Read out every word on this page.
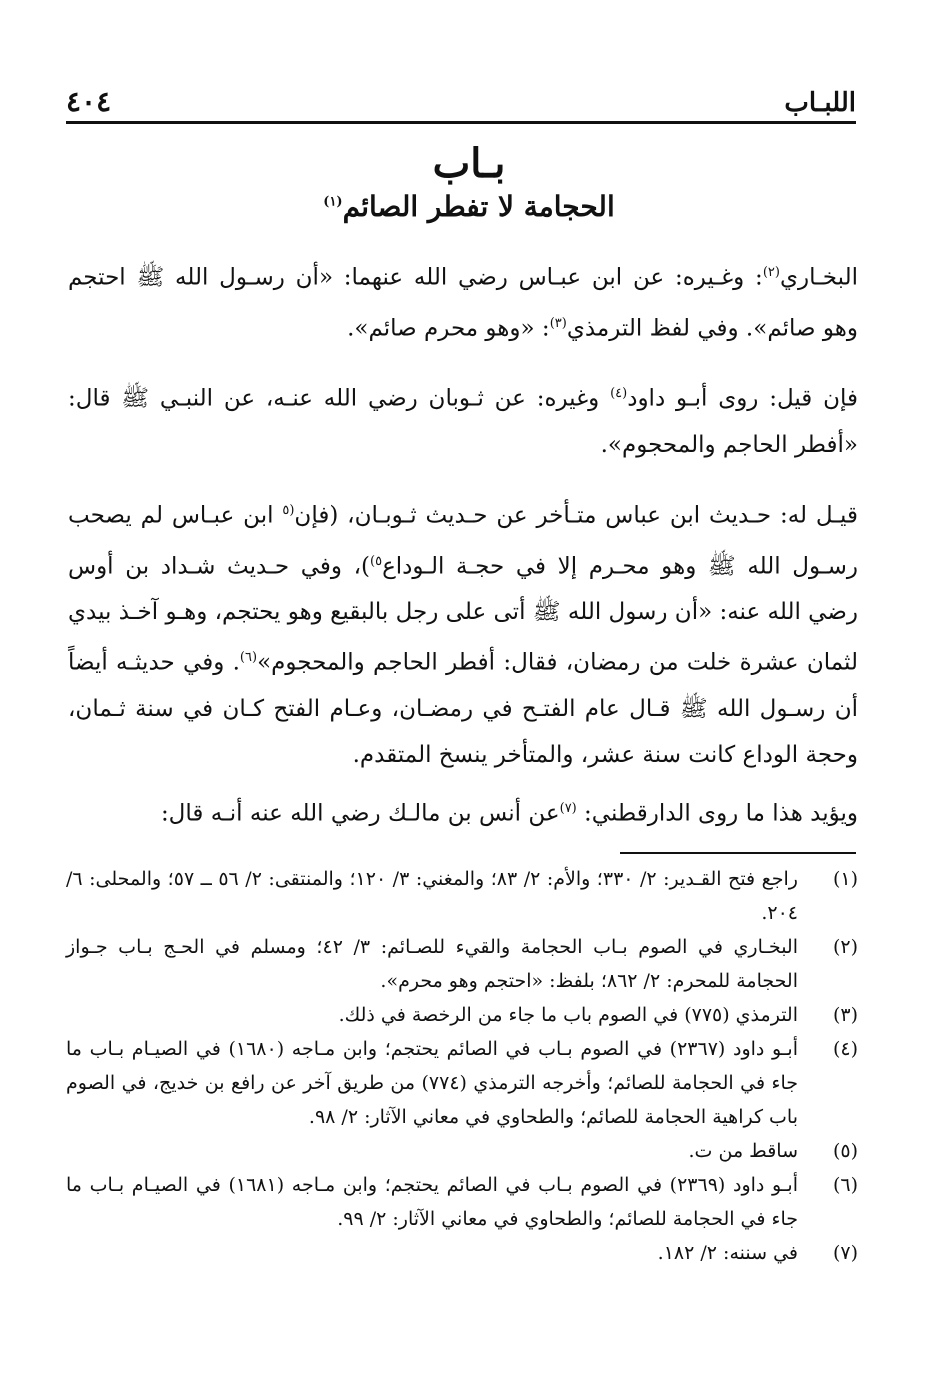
٤٠٤	اللبـاب
بـاب
الحجامة لا تفطر الصائم$^{(١)}$

البخـاري$^{(٢)}$: وغـيره: عن ابن عبـاس رضي الله عنهما: «أن رسـول الله ﷺ احتجم وهو صائم». وفي لفظ الترمذي$^{(٣)}$: «وهو محرم صائم».

فإن قيل: روى أبـو داود$^{(٤)}$ وغيره: عن ثـوبان رضي الله عنـه، عن النبـي ﷺ قال: «أفطر الحاجم والمحجوم».

قيـل له: حـديث ابن عباس متـأخر عن حـديث ثـوبـان، (فإن$^{(٥}$ ابن عبـاس لم يصحب رسـول الله ﷺ وهو محـرم إلا في حجـة الـوداع$^{٥)}$)، وفي حـديث شـداد بن أوس رضي الله عنه: «أن رسول الله ﷺ أتى على رجل بالبقيع وهو يحتجم، وهـو آخـذ بيدي لثمان عشرة خلت من رمضان، فقال: أفطر الحاجم والمحجوم»$^{(٦)}$. وفي حديثـه أيضاً أن رسـول الله ﷺ قـال عام الفتـح في رمضـان، وعـام الفتح كـان في سنة ثـمان، وحجة الوداع كانت سنة عشر، والمتأخر ينسخ المتقدم.

ويؤيد هذا ما روى الدارقطني: $^{(٧)}$عن أنس بن مالـك رضي الله عنه أنـه قال:

(١)
راجع فتح القـدير: ٢/ ٣٣٠؛ والأم: ٢/ ٨٣؛ والمغني: ٣/ ١٢٠؛ والمنتقى: ٢/ ٥٦ ــ ٥٧؛ والمحلى: ٦/ ٢٠٤.
(٢)
البخـاري في الصوم بـاب الحجامة والقيء للصـائم: ٣/ ٤٢؛ ومسلم في الحـج بـاب جـواز الحجامة للمحرم: ٢/ ٨٦٢؛ بلفظ: «احتجم وهو محرم».
(٣)
الترمذي (٧٧٥) في الصوم باب ما جاء من الرخصة في ذلك.
(٤)
أبـو داود (٢٣٦٧) في الصوم بـاب في الصائم يحتجم؛ وابن مـاجه (١٦٨٠) في الصيـام بـاب ما جاء في الحجامة للصائم؛ وأخرجه الترمذي (٧٧٤) من طريق آخر عن رافع بن خديج، في الصوم باب كراهية الحجامة للصائم؛ والطحاوي في معاني الآثار: ٢/ ٩٨.
(٥)
ساقط من ت.
(٦)
أبـو داود (٢٣٦٩) في الصوم بـاب في الصائم يحتجم؛ وابن مـاجه (١٦٨١) في الصيـام بـاب ما جاء في الحجامة للصائم؛ والطحاوي في معاني الآثار: ٢/ ٩٩.
(٧)
في سننه: ٢/ ١٨٢.
